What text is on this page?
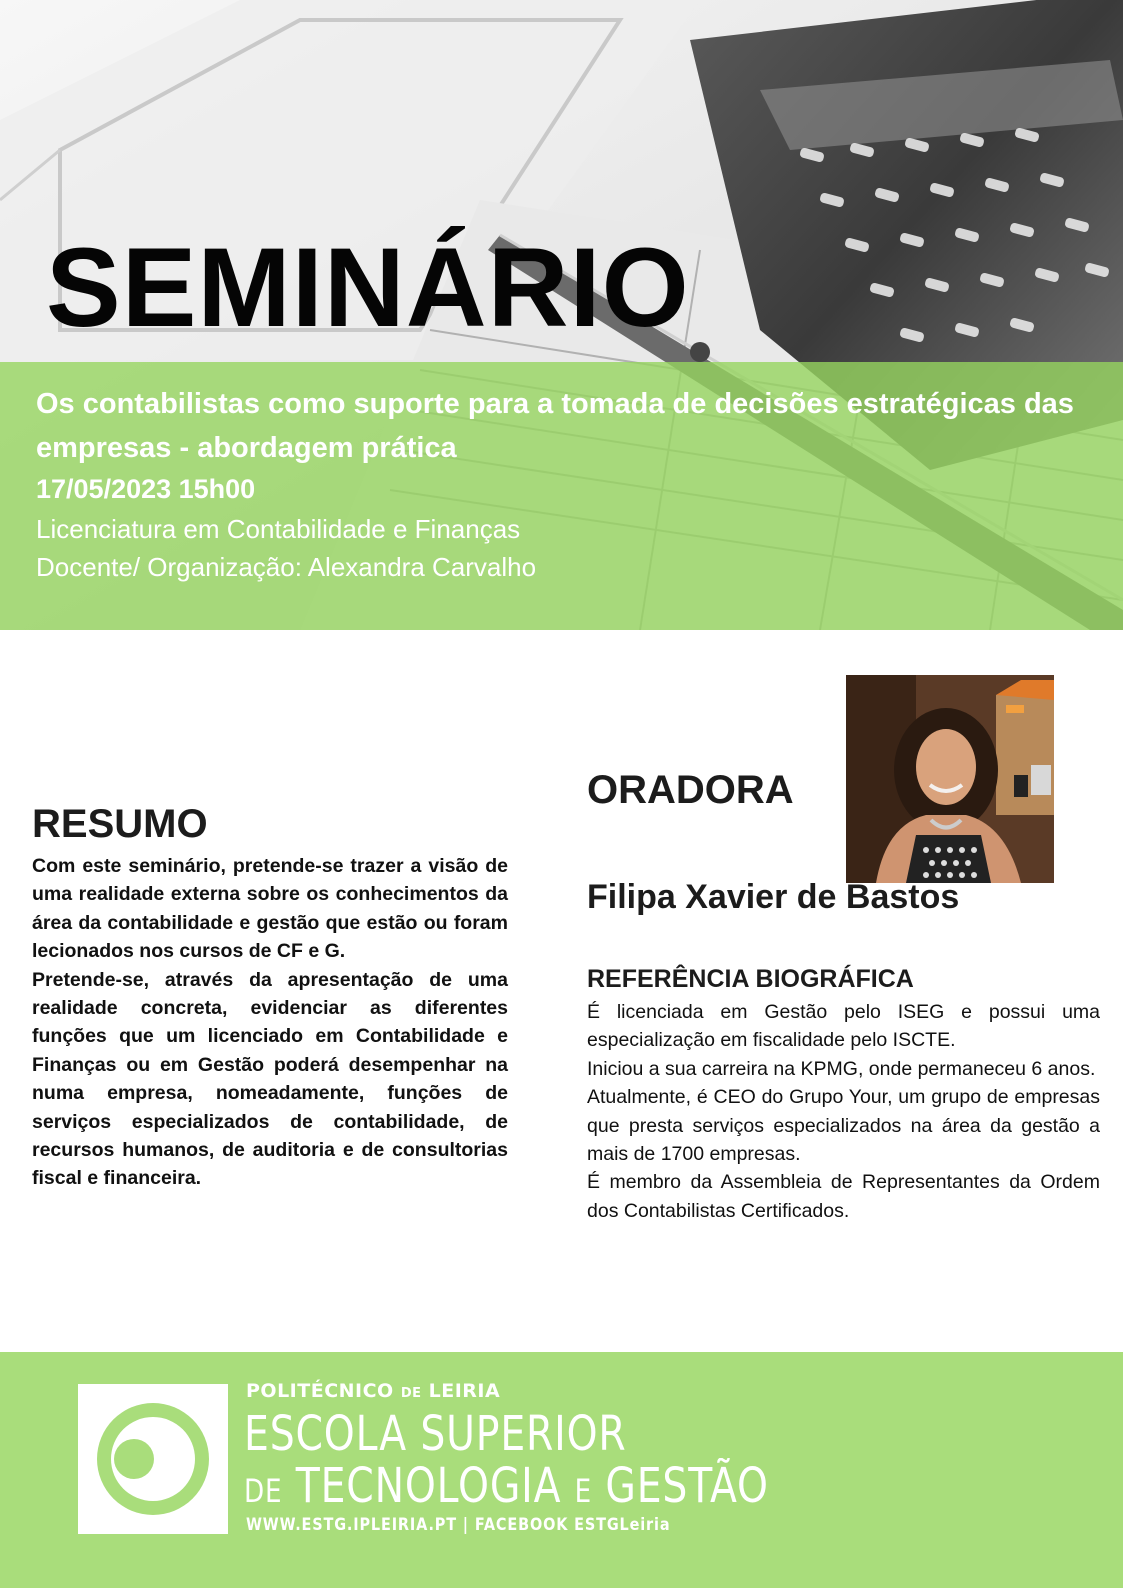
SEMINÁRIO
Os contabilistas como suporte para a tomada de decisões estratégicas das empresas - abordagem prática
17/05/2023 15h00
Licenciatura em Contabilidade e Finanças
Docente/ Organização: Alexandra Carvalho
RESUMO

Com este seminário, pretende-se trazer a visão de uma realidade externa sobre os conhecimentos da área da contabilidade e gestão que estão ou foram lecionados nos cursos de CF e G.

Pretende-se, através da apresentação de uma realidade concreta, evidenciar as diferentes funções que um licenciado em Contabilidade e Finanças ou em Gestão poderá desempenhar na numa empresa, nomeadamente, funções de serviços especializados de contabilidade, de recursos humanos, de auditoria e de consultorias fiscal e financeira.

ORADORA
Filipa Xavier de Bastos
REFERÊNCIA BIOGRÁFICA

É licenciada em Gestão pelo ISEG e possui uma especialização em fiscalidade pelo ISCTE.

Iniciou a sua carreira na KPMG, onde permaneceu 6 anos.

Atualmente, é CEO do Grupo Your, um grupo de empresas que presta serviços especializados na área da gestão a mais de 1700 empresas.

É membro da Assembleia de Representantes da Ordem dos Contabilistas Certificados.

POLITÉCNICO DE LEIRIA
ESCOLA SUPERIOR
DE TECNOLOGIA E GESTÃO
WWW.ESTG.IPLEIRIA.PT | FACEBOOK ESTGLeiria
